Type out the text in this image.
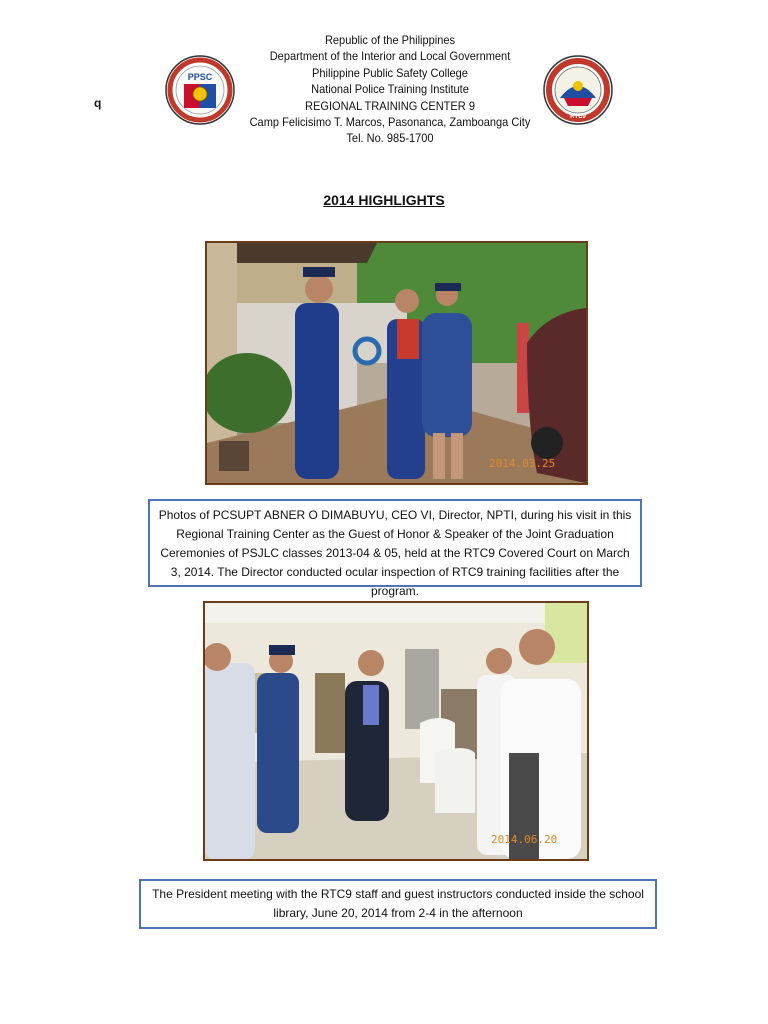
q
PPSC
Republic of the Philippines
Department of the Interior and Local Government
Philippine Public Safety College
National Police Training Institute
REGIONAL TRAINING CENTER 9
Camp Felicisimo T. Marcos, Pasonanca, Zamboanga City
Tel. No. 985-1700
RTC9
2014 HIGHLIGHTS
2014.03.25
Photos of PCSUPT ABNER O DIMABUYU, CEO VI, Director, NPTI, during his visit in this Regional Training Center as the Guest of Honor & Speaker of the Joint Graduation Ceremonies of PSJLC classes 2013-04 & 05, held at the RTC9 Covered Court on March 3, 2014. The Director conducted ocular inspection of RTC9 training facilities after the program.
2014.06.20
The President meeting with the RTC9 staff and guest instructors conducted inside the school library, June 20, 2014 from 2-4 in the afternoon
